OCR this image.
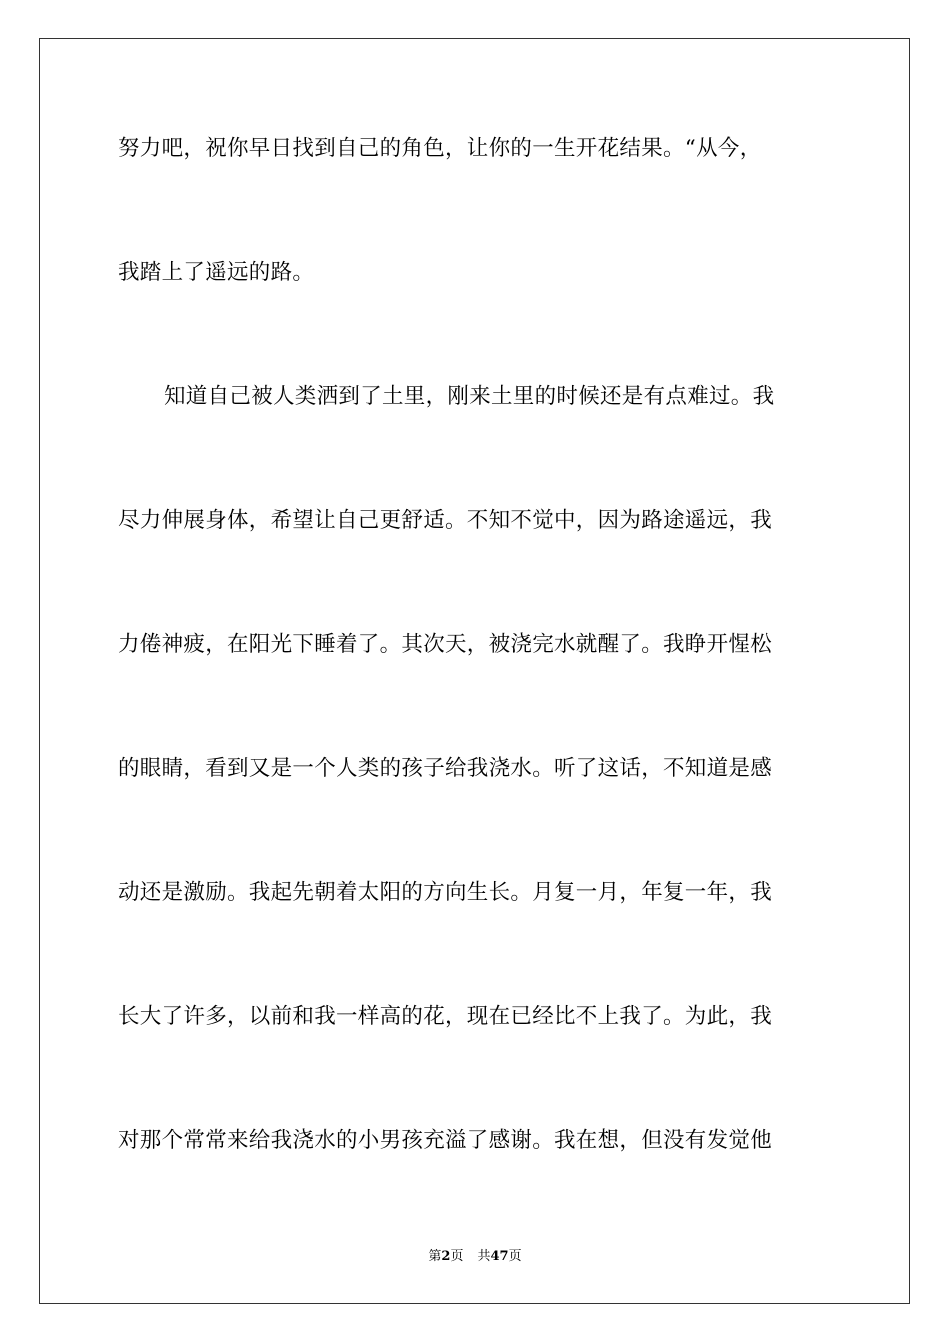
努力吧，祝你早日找到自己的角色，让你的一生开花结果。“从今，
我踏上了遥远的路。
知道自己被人类洒到了土里，刚来土里的时候还是有点难过。我
尽力伸展身体，希望让自己更舒适。不知不觉中，因为路途遥远，我
力倦神疲，在阳光下睡着了。其次天，被浇完水就醒了。我睁开惺松
的眼睛，看到又是一个人类的孩子给我浇水。听了这话，不知道是感
动还是激励。我起先朝着太阳的方向生长。月复一月，年复一年，我
长大了许多，以前和我一样高的花，现在已经比不上我了。为此，我
对那个常常来给我浇水的小男孩充溢了感谢。我在想，但没有发觉他
第2页 共47页
